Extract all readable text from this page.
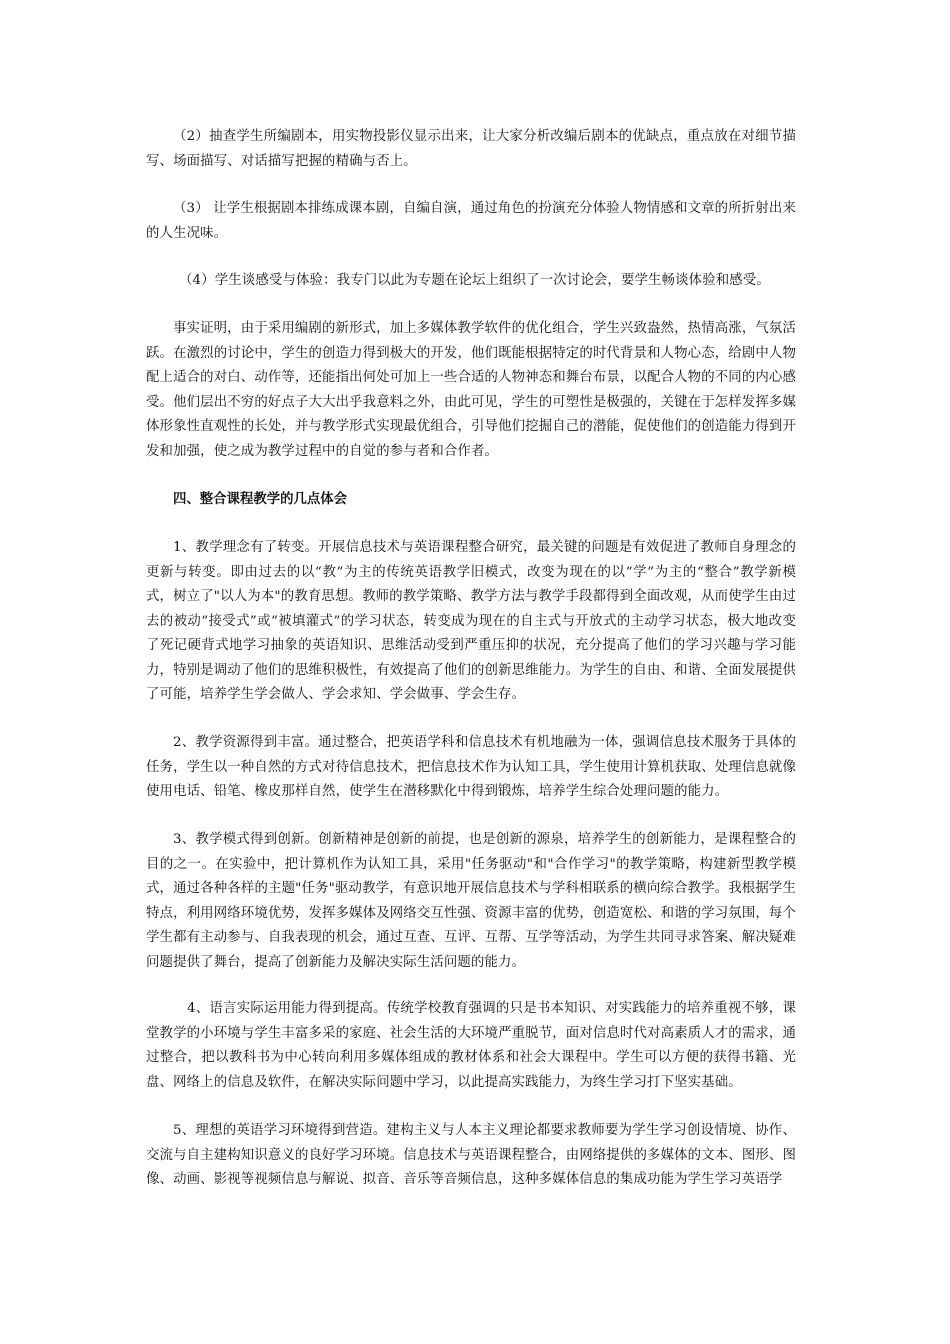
（2）抽查学生所编剧本，用实物投影仪显示出来，让大家分析改编后剧本的优缺点，重点放在对细节描写、场面描写、对话描写把握的精确与否上。

（3） 让学生根据剧本排练成课本剧，自编自演，通过角色的扮演充分体验人物情感和文章的所折射出来的人生况味。

（4）学生谈感受与体验：我专门以此为专题在论坛上组织了一次讨论会，要学生畅谈体验和感受。

事实证明，由于采用编剧的新形式，加上多媒体教学软件的优化组合，学生兴致盎然，热情高涨，气氛活跃。在激烈的讨论中，学生的创造力得到极大的开发，他们既能根据特定的时代背景和人物心态，给剧中人物配上适合的对白、动作等，还能指出何处可加上一些合适的人物神态和舞台布景，以配合人物的不同的内心感受。他们层出不穷的好点子大大出乎我意料之外，由此可见，学生的可塑性是极强的，关键在于怎样发挥多媒体形象性直观性的长处，并与教学形式实现最优组合，引导他们挖掘自己的潜能，促使他们的创造能力得到开发和加强，使之成为教学过程中的自觉的参与者和合作者。

四、整合课程教学的几点体会

1、教学理念有了转变。开展信息技术与英语课程整合研究，最关键的问题是有效促进了教师自身理念的更新与转变。即由过去的以“教”为主的传统英语教学旧模式，改变为现在的以“学”为主的“整合”教学新模式，树立了"以人为本"的教育思想。教师的教学策略、教学方法与教学手段都得到全面改观，从而使学生由过去的被动“接受式”或“被填灌式”的学习状态，转变成为现在的自主式与开放式的主动学习状态，极大地改变了死记硬背式地学习抽象的英语知识、思维活动受到严重压抑的状况，充分提高了他们的学习兴趣与学习能力，特别是调动了他们的思维积极性，有效提高了他们的创新思维能力。为学生的自由、和谐、全面发展提供了可能，培养学生学会做人、学会求知、学会做事、学会生存。

2、教学资源得到丰富。通过整合，把英语学科和信息技术有机地融为一体，强调信息技术服务于具体的任务，学生以一种自然的方式对待信息技术，把信息技术作为认知工具，学生使用计算机获取、处理信息就像使用电话、铅笔、橡皮那样自然，使学生在潜移默化中得到锻炼，培养学生综合处理问题的能力。

3、教学模式得到创新。创新精神是创新的前提，也是创新的源泉，培养学生的创新能力，是课程整合的目的之一。在实验中，把计算机作为认知工具，采用"任务驱动"和"合作学习"的教学策略，构建新型教学模式，通过各种各样的主题"任务"驱动教学，有意识地开展信息技术与学科相联系的横向综合教学。我根据学生特点，利用网络环境优势，发挥多媒体及网络交互性强、资源丰富的优势，创造宽松、和谐的学习氛围，每个学生都有主动参与、自我表现的机会，通过互查、互评、互帮、互学等活动，为学生共同寻求答案、解决疑难问题提供了舞台，提高了创新能力及解决实际生活问题的能力。

4、语言实际运用能力得到提高。传统学校教育强调的只是书本知识、对实践能力的培养重视不够，课堂教学的小环境与学生丰富多采的家庭、社会生活的大环境严重脱节，面对信息时代对高素质人才的需求，通过整合，把以教科书为中心转向利用多媒体组成的教材体系和社会大课程中。学生可以方便的获得书籍、光盘、网络上的信息及软件，在解决实际问题中学习，以此提高实践能力，为终生学习打下坚实基础。

5、理想的英语学习环境得到营造。建构主义与人本主义理论都要求教师要为学生学习创设情境、协作、交流与自主建构知识意义的良好学习环境。信息技术与英语课程整合，由网络提供的多媒体的文本、图形、图像、动画、影视等视频信息与解说、拟音、音乐等音频信息，这种多媒体信息的集成功能为学生学习英语学
